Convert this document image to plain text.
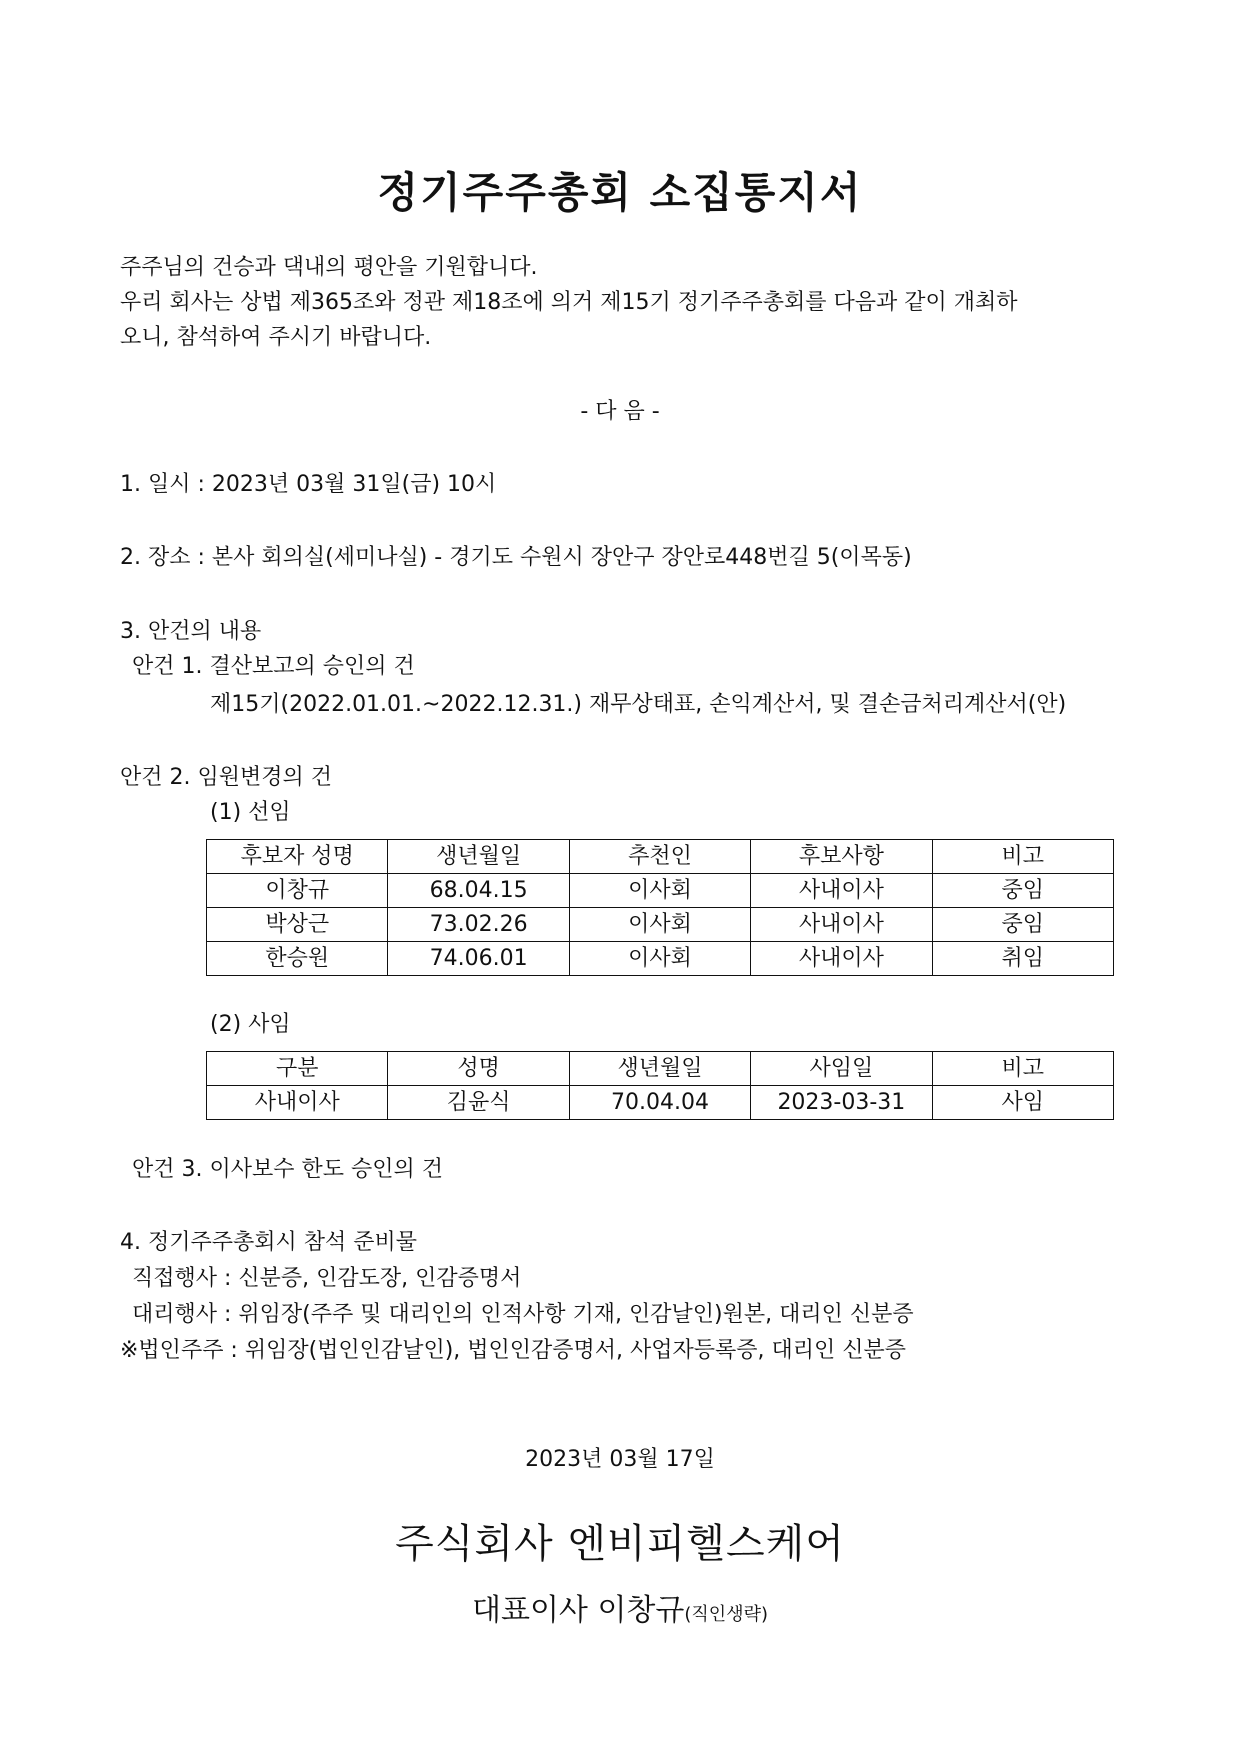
정기주주총회 소집통지서
주주님의 건승과 댁내의 평안을 기원합니다.
우리 회사는 상법 제365조와 정관 제18조에 의거 제15기 정기주주총회를 다음과 같이 개최하
오니, 참석하여 주시기 바랍니다.
- 다 음 -
1. 일시 : 2023년 03월 31일(금) 10시
2. 장소 : 본사 회의실(세미나실) - 경기도 수원시 장안구 장안로448번길 5(이목동)
3. 안건의 내용
안건 1. 결산보고의 승인의 건
제15기(2022.01.01.~2022.12.31.) 재무상태표, 손익계산서, 및 결손금처리계산서(안)
안건 2. 임원변경의 건
(1) 선임
후보자 성명	생년월일	추천인	후보사항	비고
이창규	68.04.15	이사회	사내이사	중임
박상근	73.02.26	이사회	사내이사	중임
한승원	74.06.01	이사회	사내이사	취임
(2) 사임
구분	성명	생년월일	사임일	비고
사내이사	김윤식	70.04.04	2023-03-31	사임
안건 3. 이사보수 한도 승인의 건
4. 정기주주총회시 참석 준비물
직접행사 : 신분증, 인감도장, 인감증명서
대리행사 : 위임장(주주 및 대리인의 인적사항 기재, 인감날인)원본, 대리인 신분증
※법인주주 : 위임장(법인인감날인), 법인인감증명서, 사업자등록증, 대리인 신분증
2023년 03월 17일
주식회사 엔비피헬스케어
대표이사 이창규(직인생략)
